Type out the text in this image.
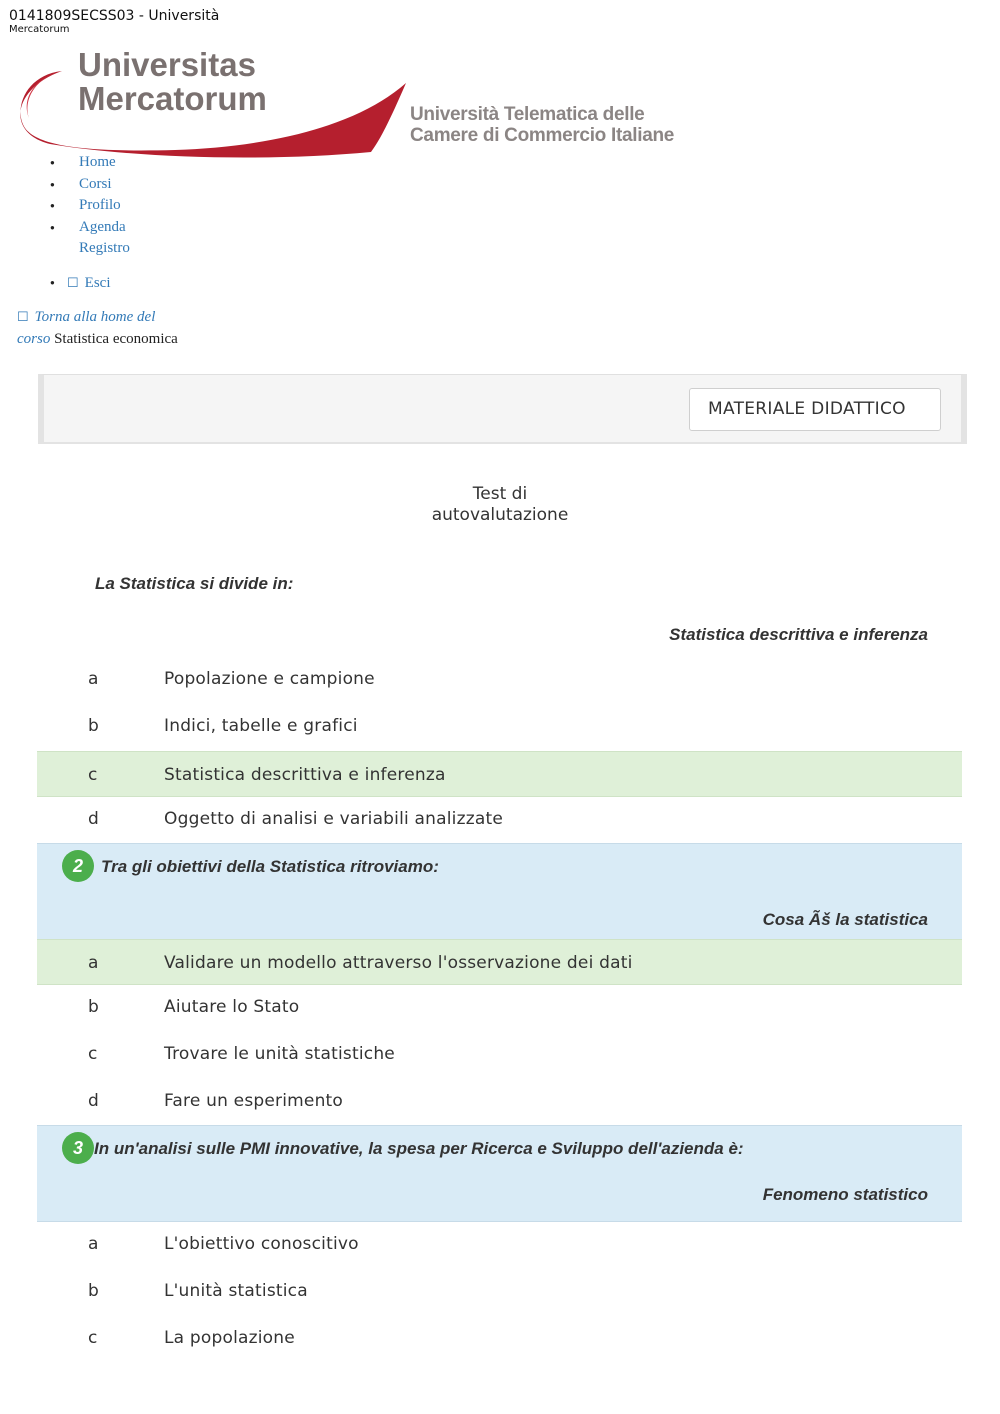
0141809SECSS03 - Università
Mercatorum
Universitas
Mercatorum	Università Telematica delle
Camere di Commercio Italiane
● Home
● Corsi
● Profilo
● Agenda
Registro
● ☐ Esci
☐ Torna alla home del
corso Statistica economica
MATERIALE DIDATTICO
Test di
autovalutazione
La Statistica si divide in:
Statistica descrittiva e inferenza
a	Popolazione e campione
b	Indici, tabelle e grafici
c	Statistica descrittiva e inferenza
d	Oggetto di analisi e variabili analizzate
2	Tra gli obiettivi della Statistica ritroviamo:
Cosa Ãš la statistica
a	Validare un modello attraverso l'osservazione dei dati
b	Aiutare lo Stato
c	Trovare le unità statistiche
d	Fare un esperimento
3 In un'analisi sulle PMI innovative, la spesa per Ricerca e Sviluppo dell'azienda è:
Fenomeno statistico
a	L'obiettivo conoscitivo
b	L'unità statistica
c	La popolazione
